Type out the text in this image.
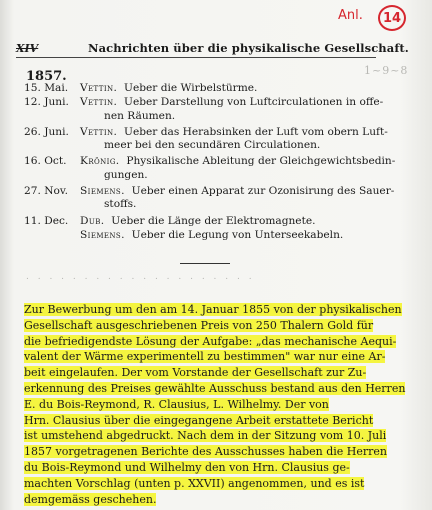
Anl.	14
XIV	Nachrichten über die physikalische Gesellschaft.
1857.	1~9~8
15. Mai.	Vettin. Ueber die Wirbelstürme.
12. Juni.	Vettin. Ueber Darstellung von Luftcirculationen in offe-
nen Räumen.
26. Juni.	Vettin. Ueber das Herabsinken der Luft vom obern Luft-
meer bei den secundären Circulationen.
16. Oct.	Krönig. Physikalische Ableitung der Gleichgewichtsbedin-
gungen.
27. Nov.	Siemens. Ueber einen Apparat zur Ozonisirung des Sauer-
stoffs.
11. Dec.	Dub. Ueber die Länge der Elektromagnete.
Siemens. Ueber die Legung von Unterseekabeln.
. . . . . . . . . . . . . . . . . . . .
Zur Bewerbung um den am 14. Januar 1855 von der physikalischen
Gesellschaft ausgeschriebenen Preis von 250 Thalern Gold für
die befriedigendste Lösung der Aufgabe: „das mechanische Aequi-
valent der Wärme experimentell zu bestimmen" war nur eine Ar-
beit eingelaufen. Der vom Vorstande der Gesellschaft zur Zu-
erkennung des Preises gewählte Ausschuss bestand aus den Herren
E. du Bois-Reymond, R. Clausius, L. Wilhelmy. Der von
Hrn. Clausius über die eingegangene Arbeit erstattete Bericht
ist umstehend abgedruckt. Nach dem in der Sitzung vom 10. Juli
1857 vorgetragenen Berichte des Ausschusses haben die Herren
du Bois-Reymond und Wilhelmy den von Hrn. Clausius ge-
machten Vorschlag (unten p. XXVII) angenommen, und es ist
demgemäss geschehen.
